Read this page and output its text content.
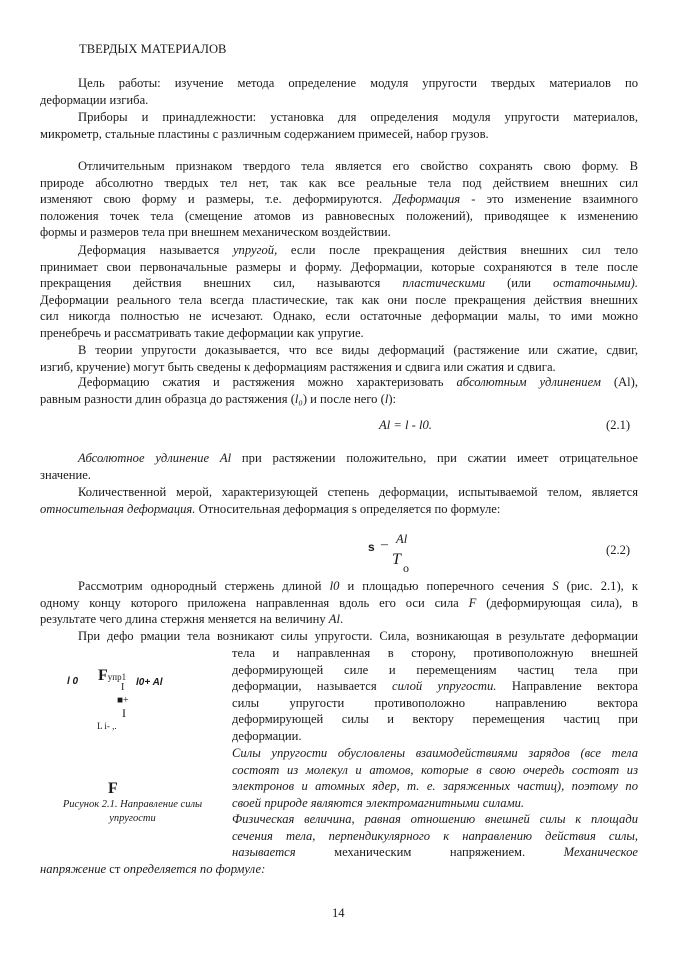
ТВЕРДЫХ МАТЕРИАЛОВ
Цель работы: изучение метода определение модуля упругости твердых материалов по
деформации изгиба.
Приборы и принадлежности: установка для определения модуля упругости материалов,
микрометр, стальные пластины с различным содержанием примесей, набор грузов.
Отличительным признаком твердого тела является его свойство сохранять свою форму. В
природе абсолютно твердых тел нет, так как все реальные тела под действием внешних сил
изменяют свою форму и размеры, т.е. деформируются. Деформация - это изменение взаимного
положения точек тела (смещение атомов из равновесных положений), приводящее к изменению
формы и размеров тела при внешнем механическом воздействии.
Деформация называется упругой, если после прекращения действия внешних сил тело
принимает свои первоначальные размеры и форму. Деформации, которые сохраняются в теле после
прекращения действия внешних сил, называются пластическими (или остаточными).
Деформации реального тела всегда пластические, так как они после прекращения действия внешних
сил никогда полностью не исчезают. Однако, если остаточные деформации малы, то ими можно
пренебречь и рассматривать такие деформации как упругие.
В теории упругости доказывается, что все виды деформаций (растяжение или сжатие, сдвиг,
изгиб, кручение) могут быть сведены к деформациям растяжения и сдвига или сжатия и сдвига.
Деформацию сжатия и растяжения можно характеризовать абсолютным удлинением (Al),
равным разности длин образца до растяжения (l₀) и после него (l):
Al = l - l0.	(2.1)
Абсолютное удлинение Al при растяжении положительно, при сжатии имеет отрицательное
значение.
Количественной мерой, характеризующей степень деформации, испытываемой телом, является
относительная деформация. Относительная деформация s определяется по формуле:
s – Al
T o
(2.2)
Рассмотрим однородный стержень длиной l0 и площадью поперечного сечения S (рис. 2.1), к
одному концу которого приложена направленная вдоль его оси сила F (деформирующая сила), в
результате чего длина стержня меняется на величину Al.
При дефо рмации тела возникают силы упругости. Сила, возникающая в результате деформации
тела и направленная в сторону, противоположную внешней
деформирующей силе и перемещениям частиц тела при
деформации, называется силой упругости. Направление вектора
силы упругости противоположно направлению вектора
деформирующей силы и вектору перемещения частиц при
деформации.
Силы упругости обусловлены взаимодействиями зарядов (все тела
состоят из молекул и атомов, которые в свою очередь состоят из
электронов и атомных ядер, т. е. заряженных частиц), поэтому по
своей природе являются электромагнитными силами.
Физическая величина, равная отношению внешней силы к площади
сечения тела, перпендикулярного к направлению действия силы,
называется	механическим	напряжением.	Механическое
напряжение ст определяется по формуле:
l 0 Fупр1
I l0+ Al
■+
I
L i- ,.
F
Рисунок 2.1. Направление силы
упругости
14
